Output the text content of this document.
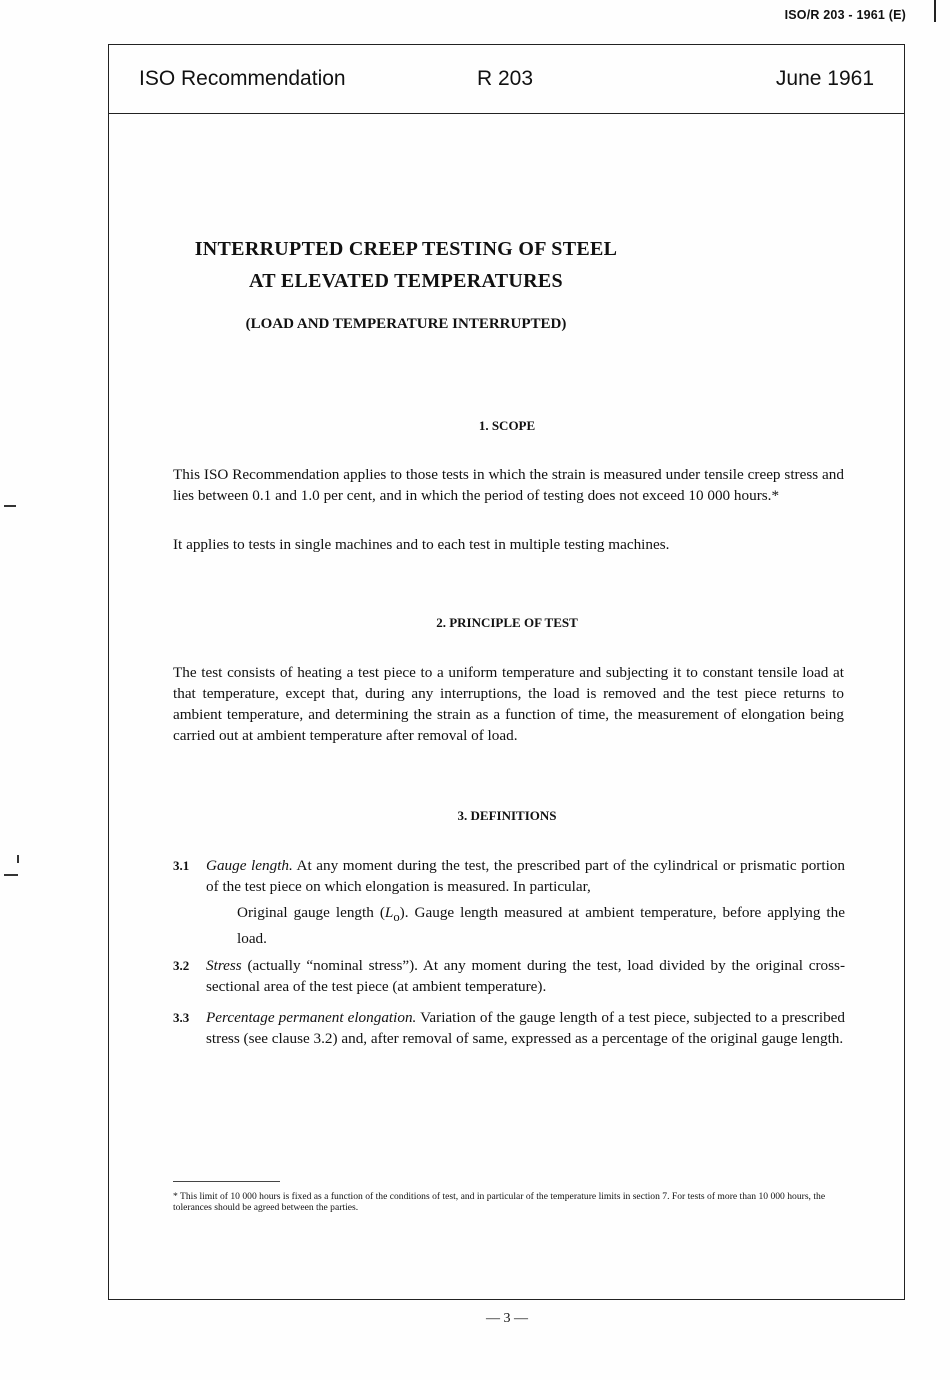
ISO/R 203 - 1961 (E)
ISO Recommendation	R 203	June 1961
INTERRUPTED CREEP TESTING OF STEEL
AT ELEVATED TEMPERATURES
(LOAD AND TEMPERATURE INTERRUPTED)
1. SCOPE

This ISO Recommendation applies to those tests in which the strain is measured under tensile creep stress and lies between 0.1 and 1.0 per cent, and in which the period of testing does not exceed 10 000 hours.*

It applies to tests in single machines and to each test in multiple testing machines.

2. PRINCIPLE OF TEST

The test consists of heating a test piece to a uniform temperature and subjecting it to constant tensile load at that temperature, except that, during any interruptions, the load is removed and the test piece returns to ambient temperature, and determining the strain as a function of time, the measurement of elongation being carried out at ambient temperature after removal of load.

3. DEFINITIONS
3.1 Gauge length. At any moment during the test, the prescribed part of the cylindrical or prismatic portion of the test piece on which elongation is measured. In particular,

Original gauge length $(L_o)$. Gauge length measured at ambient temperature, before applying the load.

3.2 Stress (actually “nominal stress”). At any moment during the test, load divided by the original cross-sectional area of the test piece (at ambient temperature).

3.3 Percentage permanent elongation. Variation of the gauge length of a test piece, subjected to a prescribed stress (see clause 3.2) and, after removal of same, expressed as a percentage of the original gauge length.

* This limit of 10 000 hours is fixed as a function of the conditions of test, and in particular of the temperature limits in section 7. For tests of more than 10 000 hours, the tolerances should be agreed between the parties.

— 3 —
